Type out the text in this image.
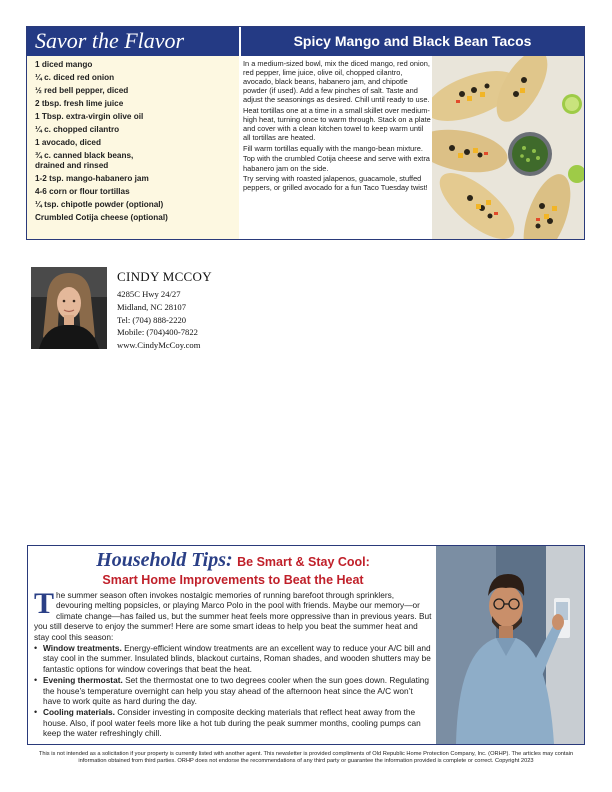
Savor the Flavor	Spicy Mango and Black Bean Tacos
1 diced mango
¼ c. diced red onion
½ red bell pepper, diced
2 tbsp. fresh lime juice
1 Tbsp. extra-virgin olive oil
¼ c. chopped cilantro
1 avocado, diced
¾ c. canned black beans,
drained and rinsed
1-2 tsp. mango-habanero jam
4-6 corn or flour tortillas
¼ tsp. chipotle powder (optional)
Crumbled Cotija cheese (optional)

In a medium-sized bowl, mix the diced mango, red onion, red pepper, lime juice, olive oil, chopped cilantro, avocado, black beans, habanero jam, and chipotle powder (if used). Add a few pinches of salt. Taste and adjust the seasonings as desired. Chill until ready to use.

Heat tortillas one at a time in a small skillet over medium-high heat, turning once to warm through. Stack on a plate and cover with a clean kitchen towel to keep warm until all tortillas are heated.

Fill warm tortillas equally with the mango-bean mixture.

Top with the crumbled Cotija cheese and serve with extra habanero jam on the side.

Try serving with roasted jalapenos, guacamole, stuffed peppers, or grilled avocado for a fun Taco Tuesday twist!

CINDY MCCOY
4285C Hwy 24/27
Midland, NC 28107
Tel: (704) 888-2220
Mobile: (704)400-7822
www.CindyMcCoy.com
Household Tips: Be Smart & Stay Cool:
Smart Home Improvements to Beat the Heat
The summer season often invokes nostalgic memories of running barefoot through sprinklers, devouring melting popsicles, or playing Marco Polo in the pool with friends. Maybe our memory—or climate change—has failed us, but the summer heat feels more oppressive than in previous years. But you still deserve to enjoy the summer! Here are some smart ideas to help you beat the summer heat and stay cool this season:
• Window treatments. Energy-efficient window treatments are an excellent way to reduce your A/C bill and stay cool in the summer. Insulated blinds, blackout curtains, Roman shades, and wooden shutters may be fantastic options for window coverings that beat the heat.
• Evening thermostat. Set the thermostat one to two degrees cooler when the sun goes down. Regulating the house’s temperature overnight can help you stay ahead of the afternoon heat since the A/C won’t have to work quite as hard during the day.
• Cooling materials. Consider investing in composite decking materials that reflect heat away from the house. Also, if pool water feels more like a hot tub during the peak summer months, cooling pumps can keep the water refreshingly chill.
This is not intended as a solicitation if your property is currently listed with another agent. This newsletter is provided compliments of Old Republic Home Protection Company, Inc. (ORHP). The articles may contain information obtained from third parties. ORHP does not endorse the recommendations of any third party or guarantee the information provided is complete or correct. Copyright 2023
